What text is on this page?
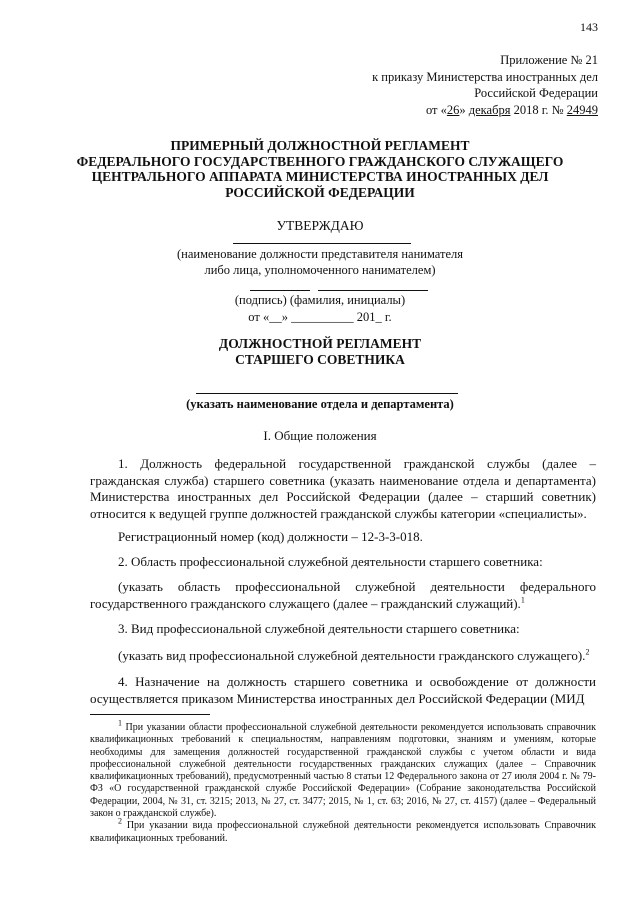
143
Приложение № 21
к приказу Министерства иностранных дел
Российской Федерации
от «26» декабря 2018 г. № 24949
ПРИМЕРНЫЙ ДОЛЖНОСТНОЙ РЕГЛАМЕНТ
ФЕДЕРАЛЬНОГО ГОСУДАРСТВЕННОГО ГРАЖДАНСКОГО СЛУЖАЩЕГО
ЦЕНТРАЛЬНОГО АППАРАТА МИНИСТЕРСТВА ИНОСТРАННЫХ ДЕЛ
РОССИЙСКОЙ ФЕДЕРАЦИИ
УТВЕРЖДАЮ
(наименование должности представителя нанимателя
либо лица, уполномоченного нанимателем)
(подпись) (фамилия, инициалы)
от «__» __________ 201_ г.
ДОЛЖНОСТНОЙ РЕГЛАМЕНТ
СТАРШЕГО СОВЕТНИКА
(указать наименование отдела и департамента)
I. Общие положения
1. Должность федеральной государственной гражданской службы (далее – гражданская служба) старшего советника (указать наименование отдела и департамента) Министерства иностранных дел Российской Федерации (далее – старший советник) относится к ведущей группе должностей гражданской службы категории «специалисты».
Регистрационный номер (код) должности – 12-3-3-018.
2. Область профессиональной служебной деятельности старшего советника:
(указать область профессиональной служебной деятельности федерального государственного гражданского служащего (далее – гражданский служащий).$^1$
3. Вид профессиональной служебной деятельности старшего советника:
(указать вид профессиональной служебной деятельности гражданского служащего).$^2$
4. Назначение на должность старшего советника и освобождение от должности осуществляется приказом Министерства иностранных дел Российской Федерации (МИД
$^1$ При указании области профессиональной служебной деятельности рекомендуется использовать справочник квалификационных требований к специальностям, направлениям подготовки, знаниям и умениям, которые необходимы для замещения должностей государственной гражданской службы с учетом области и вида профессиональной служебной деятельности государственных гражданских служащих (далее – Справочник квалификационных требований), предусмотренный частью 8 статьи 12 Федерального закона от 27 июля 2004 г. № 79-ФЗ «О государственной гражданской службе Российской Федерации» (Собрание законодательства Российской Федерации, 2004, № 31, ст. 3215; 2013, № 27, ст. 3477; 2015, № 1, ст. 63; 2016, № 27, ст. 4157) (далее – Федеральный закон о гражданской службе).
$^2$ При указании вида профессиональной служебной деятельности рекомендуется использовать Справочник квалификационных требований.
